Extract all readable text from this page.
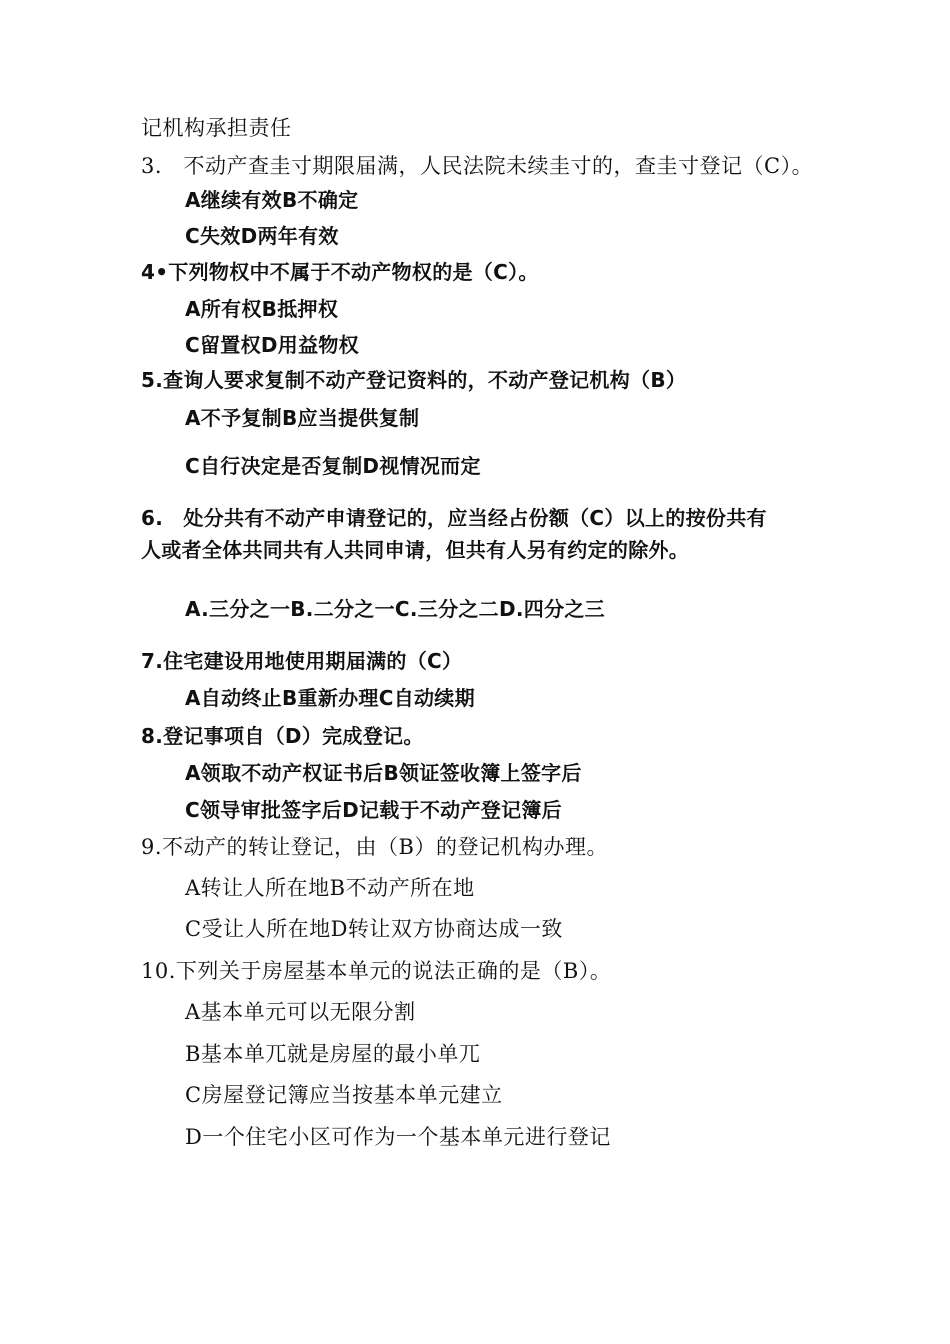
记机构承担责任
3.　不动产查圭寸期限届满，人民法院未续圭寸的，查圭寸登记（C）。
A继续有效B不确定
C失效D两年有效
4•下列物权中不属于不动产物权的是（C）。
A所有权B抵押权
C留置权D用益物权
5.查询人要求复制不动产登记资料的，不动产登记机构（B）
A不予复制B应当提供复制
C自行决定是否复制D视情况而定
6.　处分共有不动产申请登记的，应当经占份额（C）以上的按份共有
人或者全体共同共有人共同申请，但共有人另有约定的除外。
A.三分之一B.二分之一C.三分之二D.四分之三
7.住宅建设用地使用期届满的（C）
A自动终止B重新办理C自动续期
8.登记事项自（D）完成登记。
A领取不动产权证书后B领证签收簿上签字后
C领导审批签字后D记载于不动产登记簿后
9.不动产的转让登记，由（B）的登记机构办理。
A转让人所在地B不动产所在地
C受让人所在地D转让双方协商达成一致
10.下列关于房屋基本单元的说法正确的是（B）。
A基本单元可以无限分割
B基本单兀就是房屋的最小单兀
C房屋登记簿应当按基本单元建立
D一个住宅小区可作为一个基本单元进行登记
